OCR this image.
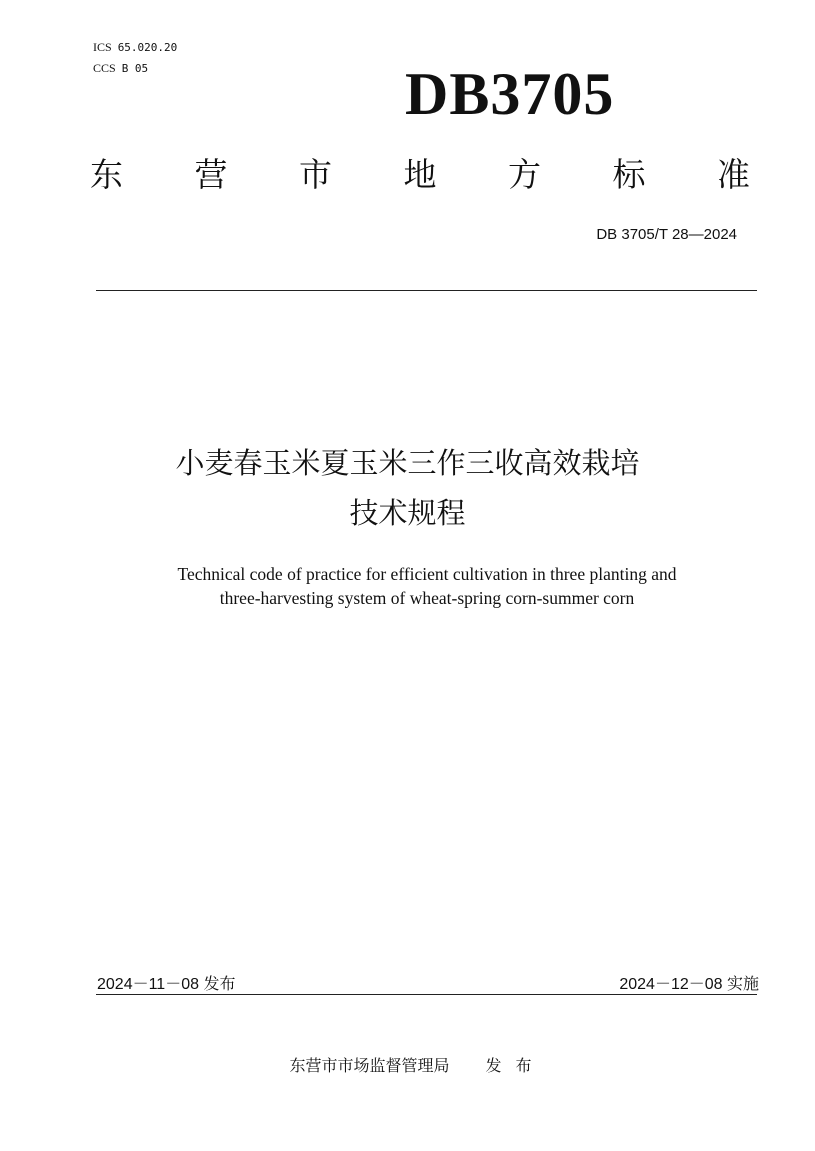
ICS 65.020.20
CCS B 05	DB3705
东 营 市 地 方 标 准
DB 3705/T 28—2024
小麦春玉米夏玉米三作三收高效栽培
技术规程
Technical code of practice for efficient cultivation in three planting and
three-harvesting system of wheat-spring corn-summer corn
2024－11－08 发布	2024－12－08 实施
东营市市场监督管理局 发布
